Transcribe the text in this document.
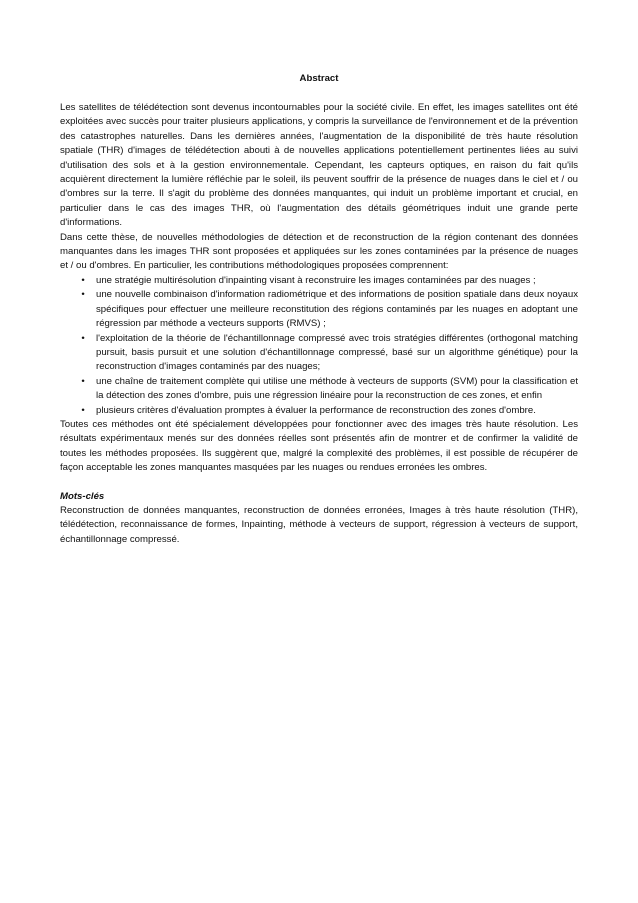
Abstract

Les satellites de télédétection sont devenus incontournables pour la société civile. En effet, les images satellites ont été exploitées avec succès pour traiter plusieurs applications, y compris la surveillance de l'environnement et de la prévention des catastrophes naturelles. Dans les dernières années, l'augmentation de la disponibilité de très haute résolution spatiale (THR) d'images de télédétection abouti à de nouvelles applications potentiellement pertinentes liées au suivi d'utilisation des sols et à la gestion environnementale. Cependant, les capteurs optiques, en raison du fait qu'ils acquièrent directement la lumière réfléchie par le soleil, ils peuvent souffrir de la présence de nuages dans le ciel et / ou d'ombres sur la terre. Il s'agit du problème des données manquantes, qui induit un problème important et crucial, en particulier dans le cas des images THR, où l'augmentation des détails géométriques induit une grande perte d'informations.

Dans cette thèse, de nouvelles méthodologies de détection et de reconstruction de la région contenant des données manquantes dans les images THR sont proposées et appliquées sur les zones contaminées par la présence de nuages et / ou d'ombres. En particulier, les contributions méthodologiques proposées comprennent:

•	une stratégie multirésolution d'inpainting visant à reconstruire les images contaminées par des nuages ;
•	une nouvelle combinaison d'information radiométrique et des informations de position spatiale dans deux noyaux spécifiques pour effectuer une meilleure reconstitution des régions contaminés par les nuages en adoptant une régression par méthode a vecteurs supports (RMVS) ;
•	l'exploitation de la théorie de l'échantillonnage compressé avec trois stratégies différentes (orthogonal matching pursuit, basis pursuit et une solution d'échantillonnage compressé, basé sur un algorithme génétique) pour la reconstruction d'images contaminés par des nuages;
•	une chaîne de traitement complète qui utilise une méthode à vecteurs de supports (SVM) pour la classification et la détection des zones d'ombre, puis une régression linéaire pour la reconstruction de ces zones, et enfin
•	plusieurs critères d'évaluation promptes à évaluer la performance de reconstruction des zones d'ombre.

Toutes ces méthodes ont été spécialement développées pour fonctionner avec des images très haute résolution. Les résultats expérimentaux menés sur des données réelles sont présentés afin de montrer et de confirmer la validité de toutes les méthodes proposées. Ils suggèrent que, malgré la complexité des problèmes, il est possible de récupérer de façon acceptable les zones manquantes masquées par les nuages ou rendues erronées les ombres.

Mots-clés

Reconstruction de données manquantes, reconstruction de données erronées, Images à très haute résolution (THR), télédétection, reconnaissance de formes, Inpainting, méthode à vecteurs de support, régression à vecteurs de support, échantillonnage compressé.
